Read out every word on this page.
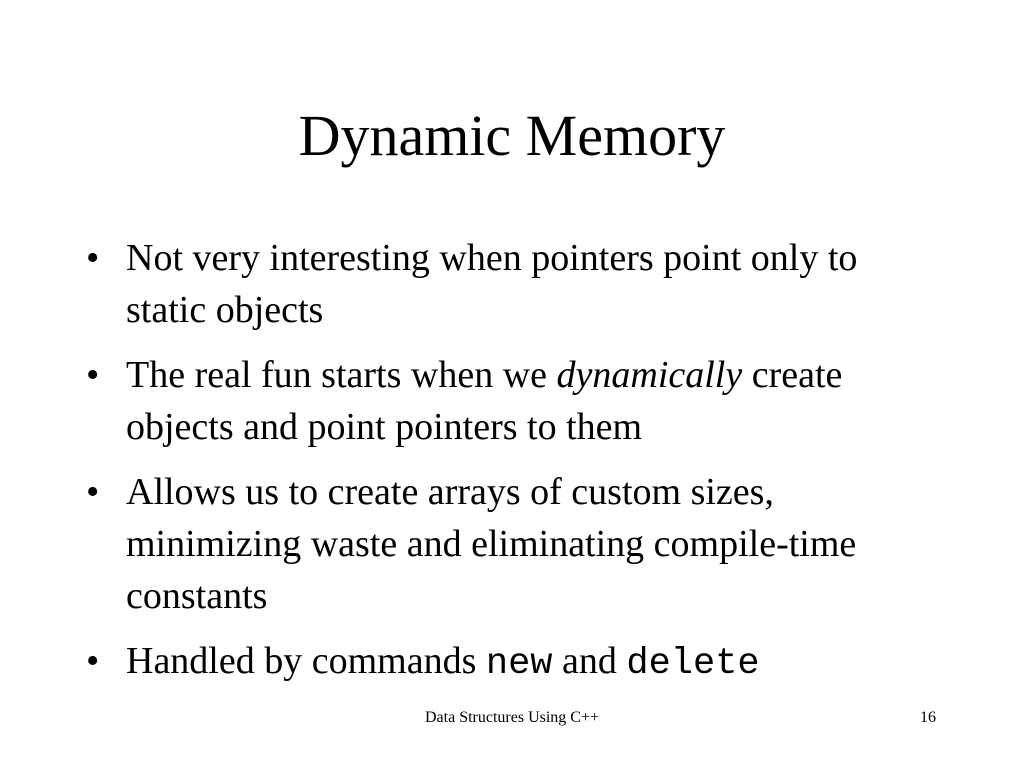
Dynamic Memory
• Not very interesting when pointers point only to static objects
• The real fun starts when we dynamically create objects and point pointers to them
• Allows us to create arrays of custom sizes, minimizing waste and eliminating compile-time constants
• Handled by commands new and delete
Data Structures Using C++	16
